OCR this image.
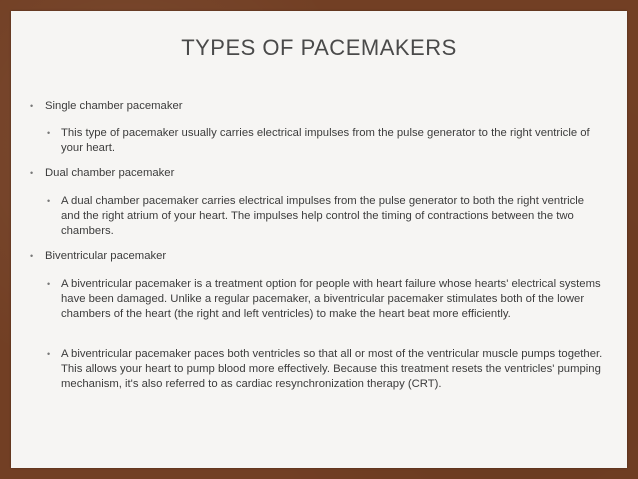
TYPES OF PACEMAKERS
• Single chamber pacemaker
• This type of pacemaker usually carries electrical impulses from the pulse generator to the right ventricle of your heart.
• Dual chamber pacemaker
• A dual chamber pacemaker carries electrical impulses from the pulse generator to both the right ventricle and the right atrium of your heart. The impulses help control the timing of contractions between the two chambers.
• Biventricular pacemaker
• A biventricular pacemaker is a treatment option for people with heart failure whose hearts' electrical systems have been damaged. Unlike a regular pacemaker, a biventricular pacemaker stimulates both of the lower chambers of the heart (the right and left ventricles) to make the heart beat more efficiently.
• A biventricular pacemaker paces both ventricles so that all or most of the ventricular muscle pumps together. This allows your heart to pump blood more effectively. Because this treatment resets the ventricles' pumping mechanism, it's also referred to as cardiac resynchronization therapy (CRT).
